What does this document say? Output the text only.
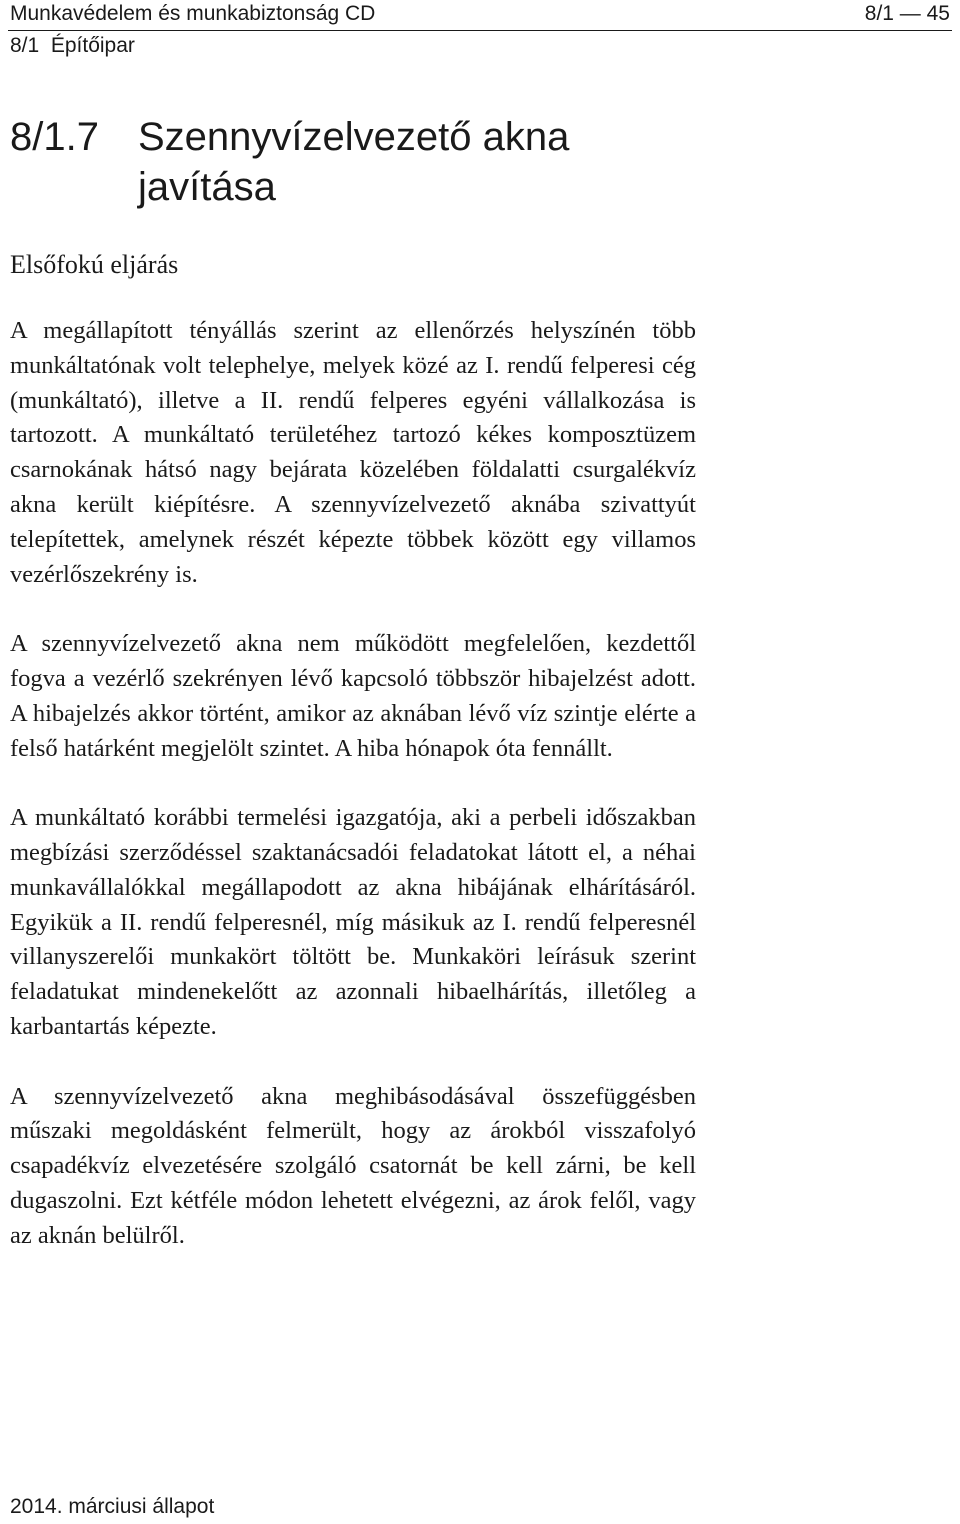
Munkavédelem és munkabiztonság CD	8/1 — 45
8/1  Építőipar
8/1.7 Szennyvízelvezető akna javítása
Elsőfokú eljárás

A megállapított tényállás szerint az ellenőrzés helyszínén több munkáltatónak volt telephelye, melyek közé az I. rendű felperesi cég (munkáltató), illetve a II. rendű felperes egyéni vállalkozása is tartozott. A munkáltató területéhez tartozó kékes komposztüzem csarnokának hátsó nagy bejárata közelében földalatti csurgalékvíz akna került kiépítésre. A szennyvízelvezető aknába szivattyút telepítettek, amelynek részét képezte többek között egy villamos vezérlőszekrény is.

A szennyvízelvezető akna nem működött megfelelően, kezdettől fogva a vezérlő szekrényen lévő kapcsoló többször hibajelzést adott. A hibajelzés akkor történt, amikor az aknában lévő víz szintje elérte a felső határként megjelölt szintet. A hiba hónapok óta fennállt.

A munkáltató korábbi termelési igazgatója, aki a perbeli időszakban megbízási szerződéssel szaktanácsadói feladatokat látott el, a néhai munkavállalókkal megállapodott az akna hibájának elhárításáról. Egyikük a II. rendű felperesnél, míg másikuk az I. rendű felperesnél villanyszerelői munkakört töltött be. Munkaköri leírásuk szerint feladatukat mindenekelőtt az azonnali hibaelhárítás, illetőleg a karbantartás képezte.

A szennyvízelvezető akna meghibásodásával összefüggésben műszaki megoldásként felmerült, hogy az árokból visszafolyó csapadékvíz elvezetésére szolgáló csatornát be kell zárni, be kell dugaszolni. Ezt kétféle módon lehetett elvégezni, az árok felől, vagy az aknán belülről.

2014. márciusi állapot
